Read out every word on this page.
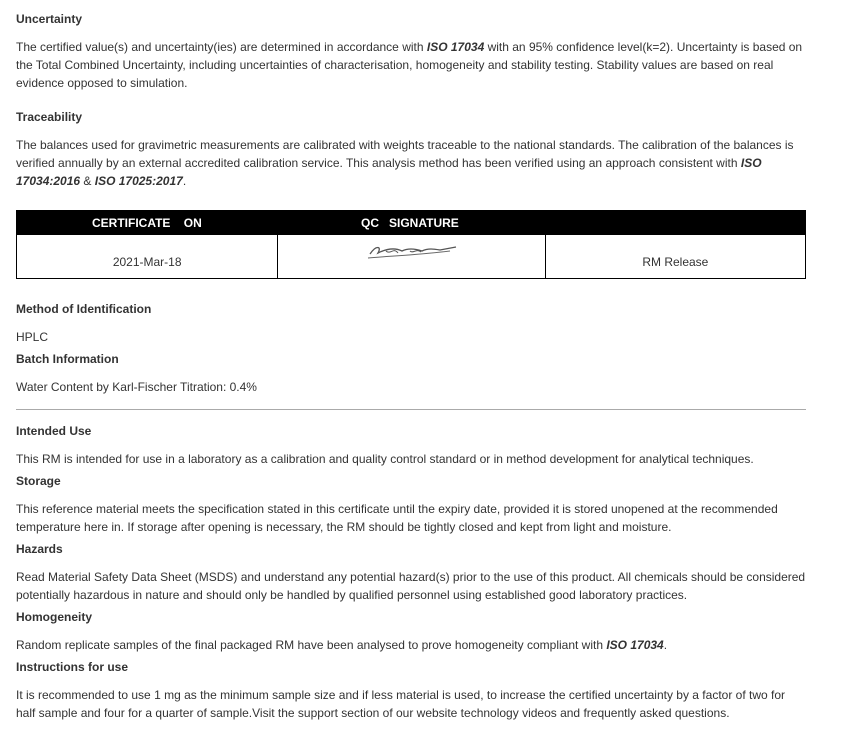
Uncertainty
The certified value(s) and uncertainty(ies) are determined in accordance with ISO 17034 with an 95% confidence level(k=2). Uncertainty is based on the Total Combined Uncertainty, including uncertainties of characterisation, homogeneity and stability testing. Stability values are based on real evidence opposed to simulation.
Traceability
The balances used for gravimetric measurements are calibrated with weights traceable to the national standards. The calibration of the balances is verified annually by an external accredited calibration service. This analysis method has been verified using an approach consistent with ISO 17034:2016 & ISO 17025:2017.
CERTIFICATE    ON	QC   SIGNATURE
2021-Mar-18	RM Release
Method of Identification
HPLC
Batch Information
Water Content by Karl-Fischer Titration: 0.4%
Intended Use
This RM is intended for use in a laboratory as a calibration and quality control standard or in method development for analytical techniques.
Storage
This reference material meets the specification stated in this certificate until the expiry date, provided it is stored unopened at the recommended temperature here in. If storage after opening is necessary, the RM should be tightly closed and kept from light and moisture.
Hazards
Read Material Safety Data Sheet (MSDS) and understand any potential hazard(s) prior to the use of this product. All chemicals should be considered potentially hazardous in nature and should only be handled by qualified personnel using established good laboratory practices.
Homogeneity
Random replicate samples of the final packaged RM have been analysed to prove homogeneity compliant with ISO 17034.
Instructions for use
It is recommended to use 1 mg as the minimum sample size and if less material is used, to increase the certified uncertainty by a factor of two for half sample and four for a quarter of sample.Visit the support section of our website technology videos and frequently asked questions.
